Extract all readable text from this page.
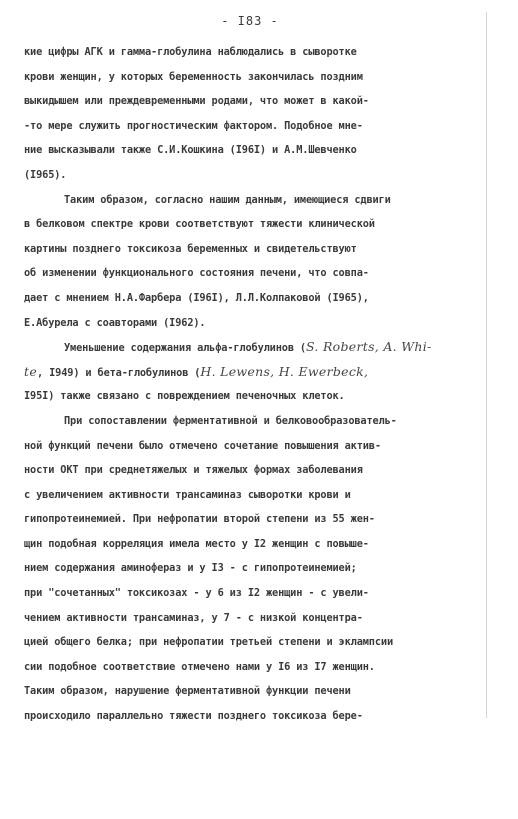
- I83 -
кие цифры АГК и гамма-глобулина наблюдались в сыворотке
крови женщин, у которых беременность закончилась поздним
выкидышем или преждевременными родами, что может в какой-
-то мере служить прогностическим фактором. Подобное мне-
ние высказывали также С.И.Кошкина (I96I) и А.М.Шевченко
(I965).
Таким образом, согласно нашим данным, имеющиеся сдвиги
в белковом спектре крови соответствуют тяжести клинической
картины позднего токсикоза беременных и свидетельствуют
об изменении функционального состояния печени, что совпа-
дает с мнением Н.А.Фарбера (I96I), Л.Л.Колпаковой (I965),
Е.Абурела с соавторами (I962).
Уменьшение содержания альфа-глобулинов (S. Roberts, A. Whi-
te, I949) и бета-глобулинов (H. Lewens, H. Ewerbeck,
I95I) также связано с повреждением печеночных клеток.
При сопоставлении ферментативной и белковообразователь-
ной функций печени было отмечено сочетание повышения актив-
ности ОКТ при среднетяжелых и тяжелых формах заболевания
с увеличением активности трансаминаз сыворотки крови и
гипопротеинемией. При нефропатии второй степени из 55 жен-
щин подобная корреляция имела место у I2 женщин с повыше-
нием содержания аминофераз и у I3 - с гипопротеинемией;
при "сочетанных" токсикозах - у 6 из I2 женщин - с увели-
чением активности трансаминаз, у 7 - с низкой концентра-
цией общего белка; при нефропатии третьей степени и эклампсии
сии подобное соответствие отмечено нами у I6 из I7 женщин.
Таким образом, нарушение ферментативной функции печени
происходило параллельно тяжести позднего токсикоза бере-
